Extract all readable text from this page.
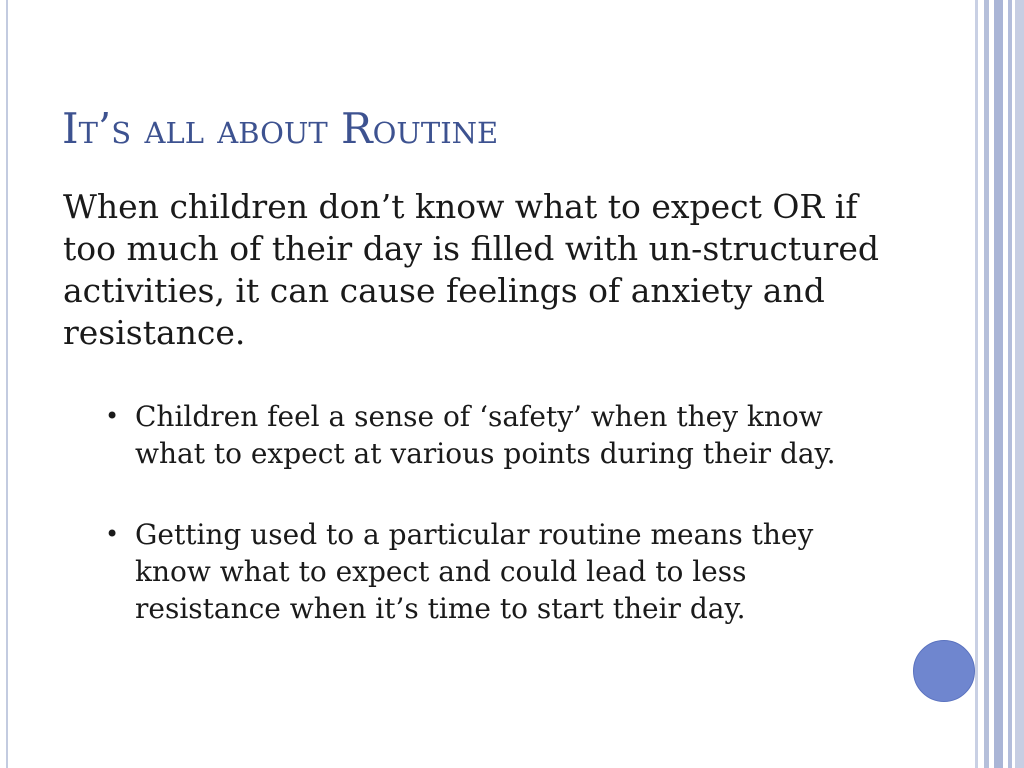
It’s all about Routine

When children don’t know what to expect OR if too much of their day is filled with un-structured activities, it can cause feelings of anxiety and resistance.

• Children feel a sense of ‘safety’ when they know what to expect at various points during their day.
• Getting used to a particular routine means they know what to expect and could lead to less resistance when it’s time to start their day.
